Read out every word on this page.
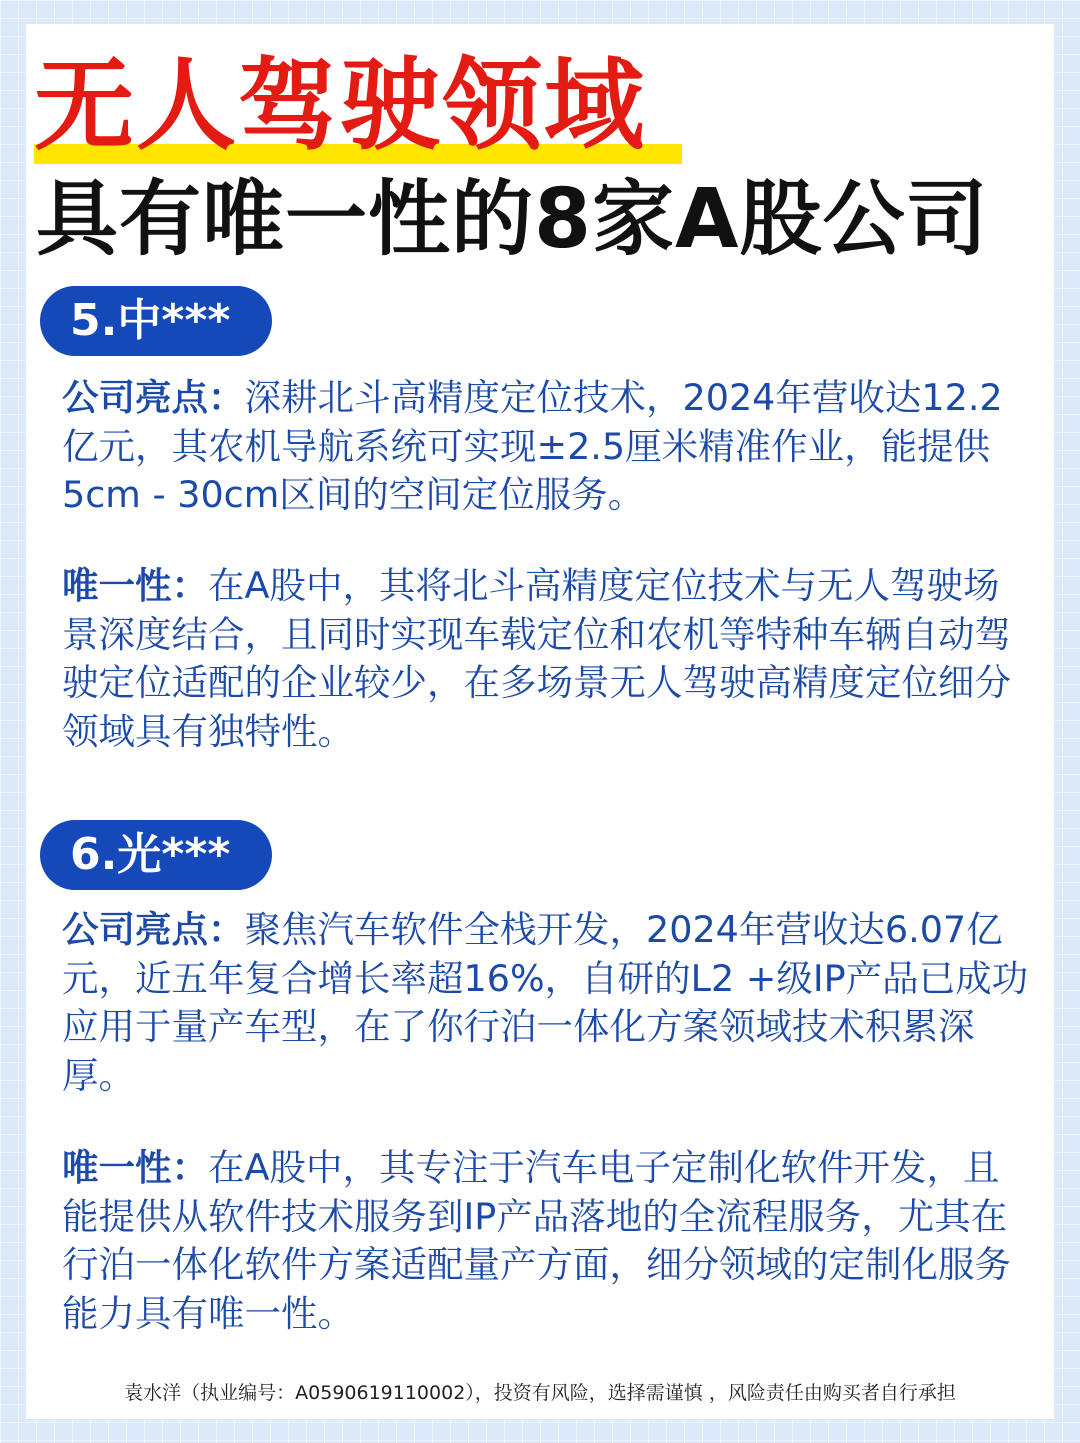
无人驾驶领域
具有唯一性的8家A股公司
5.中***

公司亮点：深耕北斗高精度定位技术，2024年营收达12.2亿元，其农机导航系统可实现±2.5厘米精准作业，能提供5cm - 30cm区间的空间定位服务。

唯一性：在A股中，其将北斗高精度定位技术与无人驾驶场景深度结合，且同时实现车载定位和农机等特种车辆自动驾驶定位适配的企业较少，在多场景无人驾驶高精度定位细分领域具有独特性。

6.光***

公司亮点：聚焦汽车软件全栈开发，2024年营收达6.07亿元，近五年复合增长率超16%，自研的L2 +级IP产品已成功应用于量产车型，在了你行泊一体化方案领域技术积累深厚。

唯一性：在A股中，其专注于汽车电子定制化软件开发，且能提供从软件技术服务到IP产品落地的全流程服务，尤其在行泊一体化软件方案适配量产方面，细分领域的定制化服务能力具有唯一性。

袁水洋（执业编号：A0590619110002），投资有风险，选择需谨慎 ，风险责任由购买者自行承担
